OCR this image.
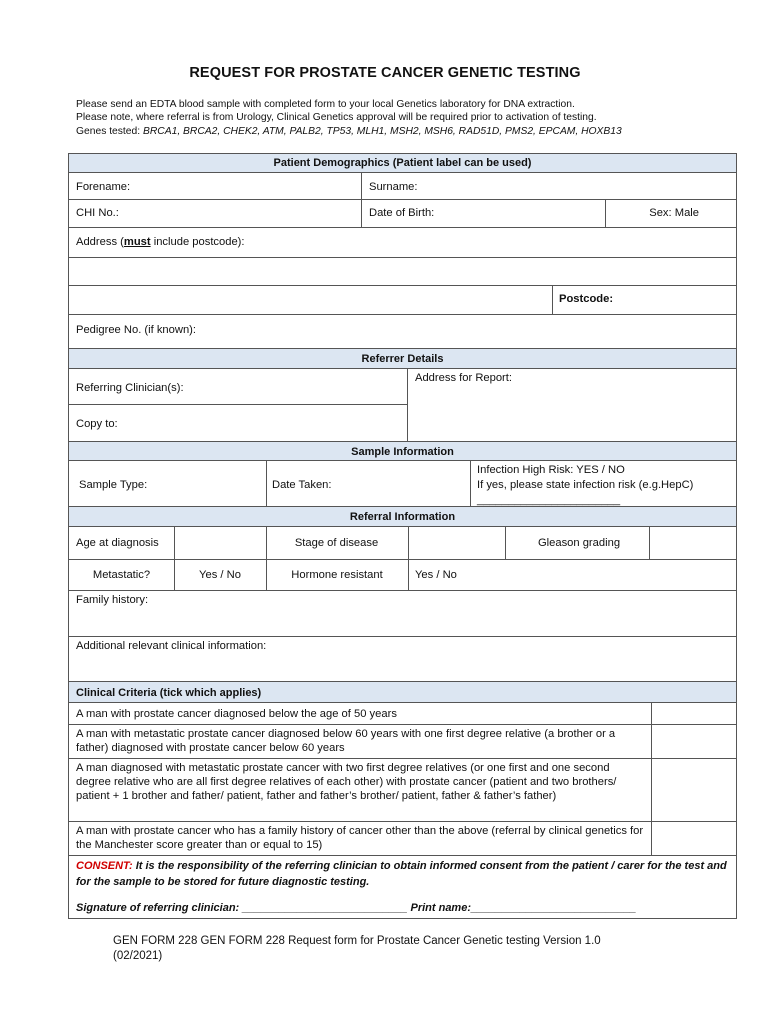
REQUEST FOR PROSTATE CANCER GENETIC TESTING
Please send an EDTA blood sample with completed form to your local Genetics laboratory for DNA extraction.
Please note, where referral is from Urology, Clinical Genetics approval will be required prior to activation of testing.
Genes tested: BRCA1, BRCA2, CHEK2, ATM, PALB2, TP53, MLH1, MSH2, MSH6, RAD51D, PMS2, EPCAM, HOXB13
Patient Demographics (Patient label can be used)
Forename:	Surname:
CHI No.:	Date of Birth:	Sex: Male
Address (must include postcode):
Postcode:
Pedigree No. (if known):
Referrer Details
Referring Clinician(s):
Address for Report:
Copy to:
Sample Information
Sample Type:	Date Taken:
Infection High Risk: YES / NO
If yes, please state infection risk (e.g.HepC)
_______________________
Referral Information
Age at diagnosis	Stage of disease	Gleason grading
Metastatic?	Yes / No	Hormone resistant	Yes / No
Family history:
Additional relevant clinical information:
Clinical Criteria (tick which applies)
A man with prostate cancer diagnosed below the age of 50 years
A man with metastatic prostate cancer diagnosed below 60 years with one first degree relative (a brother or a father) diagnosed with prostate cancer below 60 years
A man diagnosed with metastatic prostate cancer with two first degree relatives (or one first and one second degree relative who are all first degree relatives of each other) with prostate cancer (patient and two brothers/ patient + 1 brother and father/ patient, father and father’s brother/ patient, father & father’s father)
A man with prostate cancer who has a family history of cancer other than the above (referral by clinical genetics for the Manchester score greater than or equal to 15)
CONSENT: It is the responsibility of the referring clinician to obtain informed consent from the patient / carer for the test and for the sample to be stored for future diagnostic testing.
Signature of referring clinician: ___________________________ Print name:___________________________
GEN FORM 228 GEN FORM 228 Request form for Prostate Cancer Genetic testing Version 1.0
(02/2021)
